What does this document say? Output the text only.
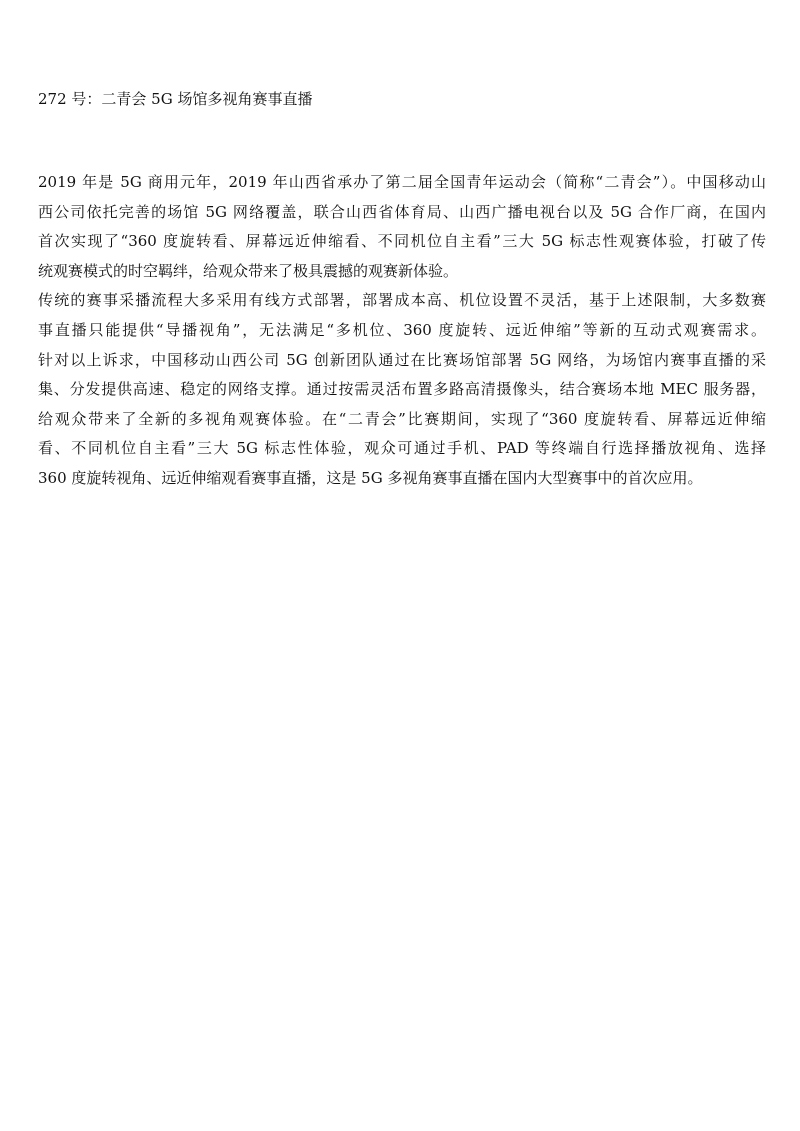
272 号：二青会 5G 场馆多视角赛事直播
2019 年是 5G 商用元年，2019 年山西省承办了第二届全国青年运动会（简称“二青会”）。中国移动山
西公司依托完善的场馆 5G 网络覆盖，联合山西省体育局、山西广播电视台以及 5G 合作厂商，在国内
首次实现了“360 度旋转看、屏幕远近伸缩看、不同机位自主看”三大 5G 标志性观赛体验，打破了传
统观赛模式的时空羁绊，给观众带来了极具震撼的观赛新体验。
传统的赛事采播流程大多采用有线方式部署，部署成本高、机位设置不灵活，基于上述限制，大多数赛
事直播只能提供“导播视角”，无法满足“多机位、360 度旋转、远近伸缩”等新的互动式观赛需求。
针对以上诉求，中国移动山西公司 5G 创新团队通过在比赛场馆部署 5G 网络，为场馆内赛事直播的采
集、分发提供高速、稳定的网络支撑。通过按需灵活布置多路高清摄像头，结合赛场本地 MEC 服务器，
给观众带来了全新的多视角观赛体验。在“二青会”比赛期间，实现了“360 度旋转看、屏幕远近伸缩
看、不同机位自主看”三大 5G 标志性体验，观众可通过手机、PAD 等终端自行选择播放视角、选择
360 度旋转视角、远近伸缩观看赛事直播，这是 5G 多视角赛事直播在国内大型赛事中的首次应用。
